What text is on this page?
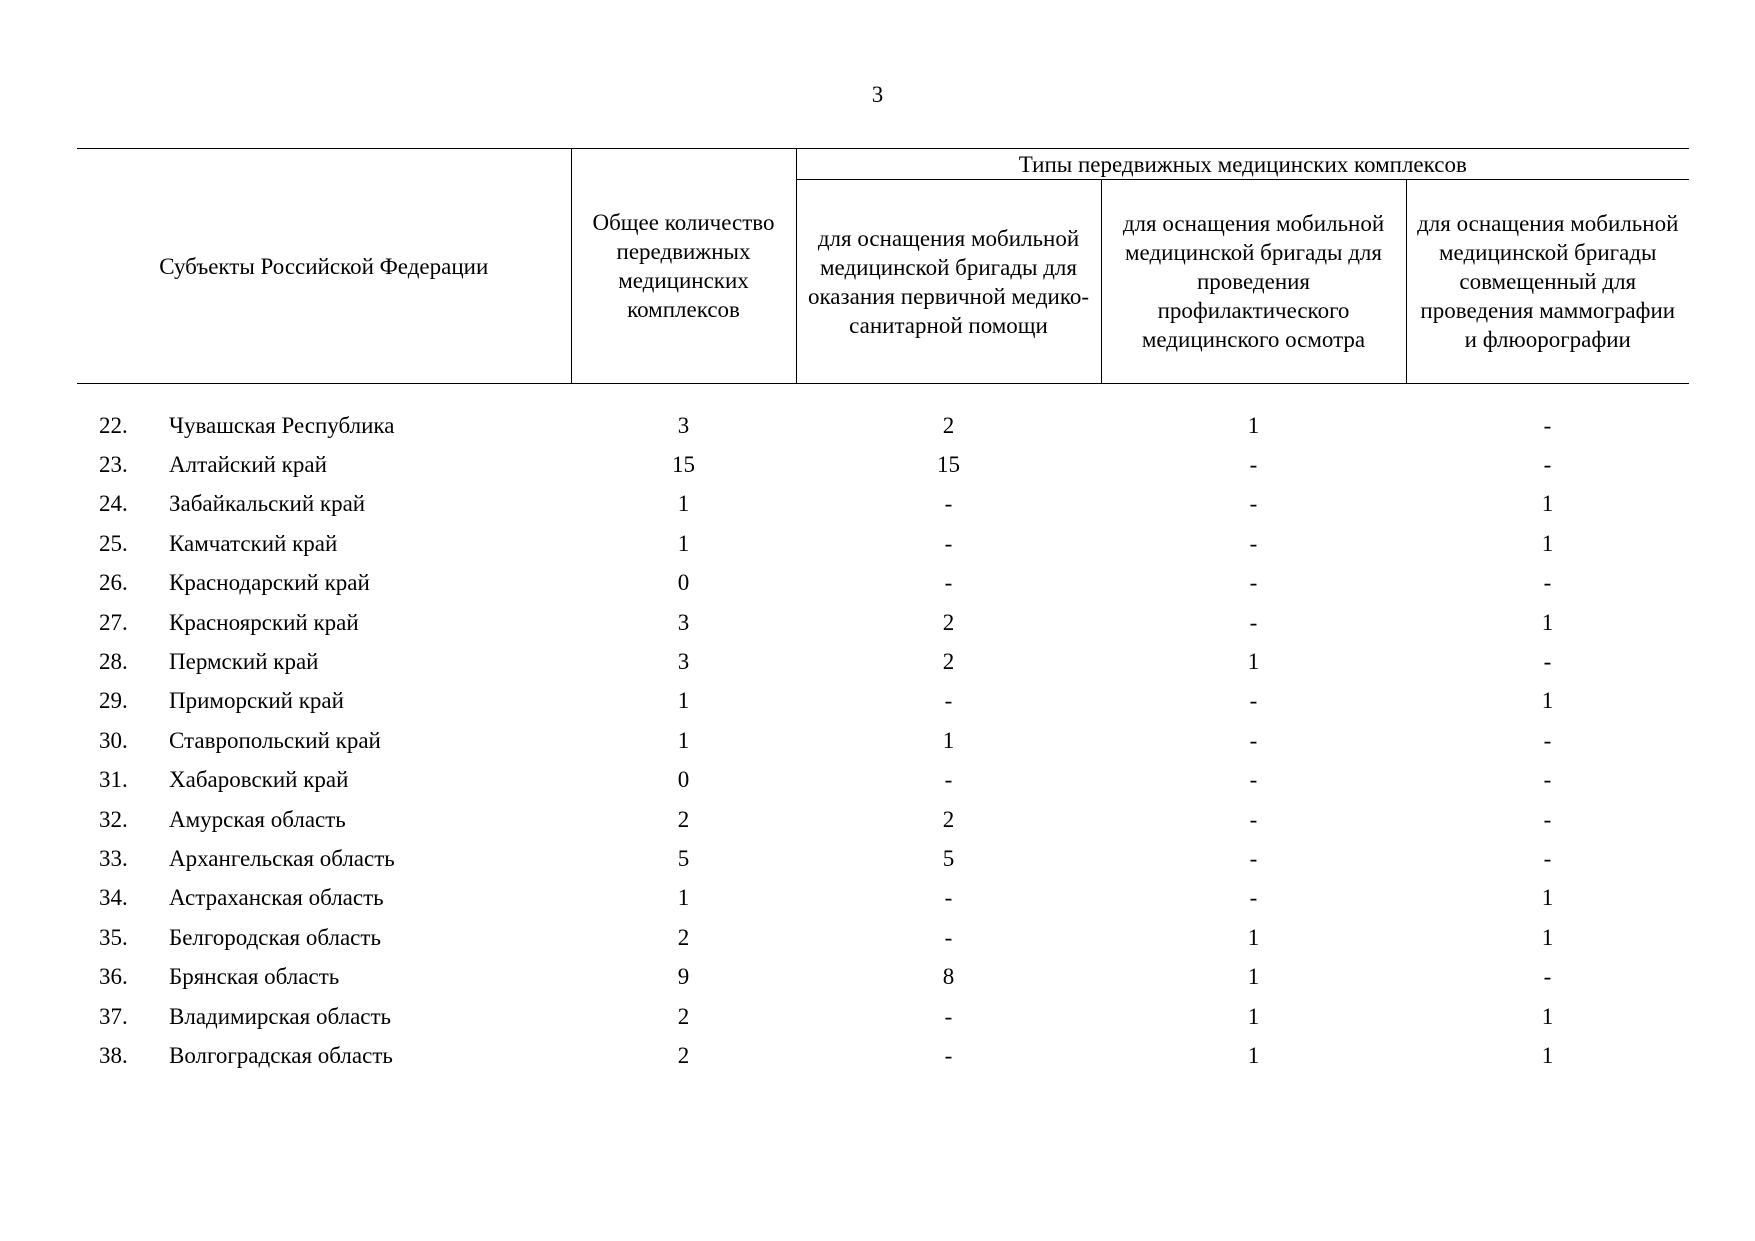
3
Субъекты Российской Федерации	Общее количество передвижных медицинских комплексов	Типы передвижных медицинских комплексов		
		для оснащения мобильной медицинской бригады для оказания первичной медико-санитарной помощи	для оснащения мобильной медицинской бригады для проведения профилактического медицинского осмотра	для оснащения мобильной медицинской бригады совмещенный для проведения маммографии и флюорографии
22.	Чувашская Республика	3	2	1	-
23.	Алтайский край	15	15	-	-
24.	Забайкальский край	1	-	-	1
25.	Камчатский край	1	-	-	1
26.	Краснодарский край	0	-	-	-
27.	Красноярский край	3	2	-	1
28.	Пермский край	3	2	1	-
29.	Приморский край	1	-	-	1
30.	Ставропольский край	1	1	-	-
31.	Хабаровский край	0	-	-	-
32.	Амурская область	2	2	-	-
33.	Архангельская область	5	5	-	-
34.	Астраханская область	1	-	-	1
35.	Белгородская область	2	-	1	1
36.	Брянская область	9	8	1	-
37.	Владимирская область	2	-	1	1
38.	Волгоградская область	2	-	1	1
